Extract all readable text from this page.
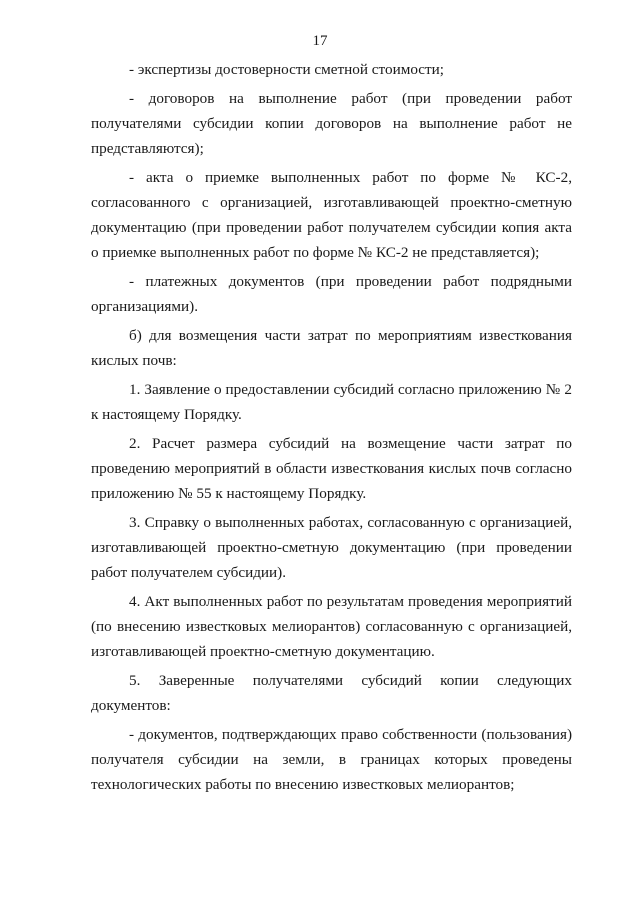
17

- экспертизы достоверности сметной стоимости;

- договоров на выполнение работ (при проведении работ получателями субсидии копии договоров на выполнение работ не представляются);

- акта о приемке выполненных работ по форме № КС-2, согласованного с организацией, изготавливающей проектно-сметную документацию (при проведении работ получателем субсидии копия акта о приемке выполненных работ по форме № КС-2 не представляется);

- платежных документов (при проведении работ подрядными организациями).

б) для возмещения части затрат по мероприятиям известкования кислых почв:

1. Заявление о предоставлении субсидий согласно приложению № 2 к настоящему Порядку.

2. Расчет размера субсидий на возмещение части затрат по проведению мероприятий в области известкования кислых почв согласно приложению № 55 к настоящему Порядку.

3. Справку о выполненных работах, согласованную с организацией, изготавливающей проектно-сметную документацию (при проведении работ получателем субсидии).

4. Акт выполненных работ по результатам проведения мероприятий (по внесению известковых мелиорантов) согласованную с организацией, изготавливающей проектно-сметную документацию.

5. Заверенные получателями субсидий копии следующих документов:

- документов, подтверждающих право собственности (пользования) получателя субсидии на земли, в границах которых проведены технологических работы по внесению известковых мелиорантов;
